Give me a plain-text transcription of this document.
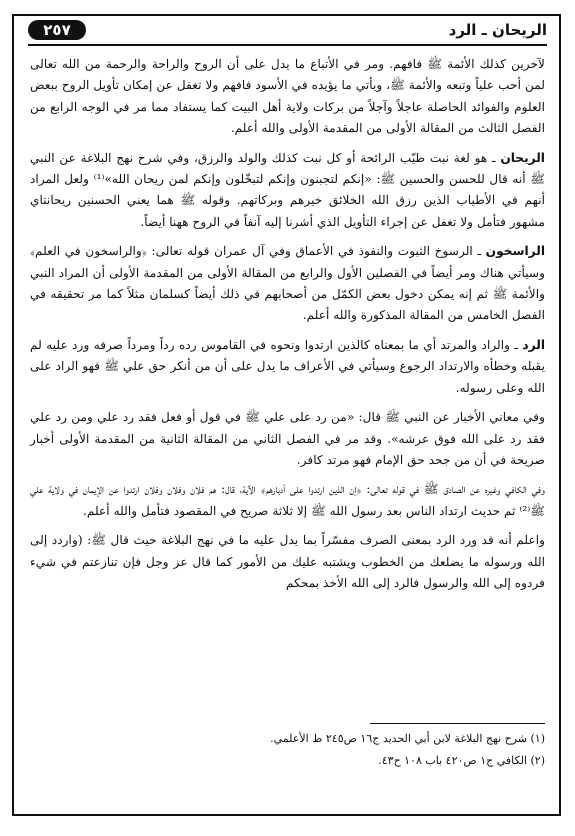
٢٥٧	الريحان ـ الرد

لآخرين كذلك الأئمة ﷺ فافهم. ومر في الأتباع ما يدل على أن الروح والراحة والرحمة من الله تعالى لمن أحب علياً وتبعه والأئمة ﷺ، ويأتي ما يؤيده في الأسود فافهم ولا تغفل عن إمكان تأويل الروح ببعض العلوم والفوائد الحاصلة عاجلاً وآجلاً من بركات ولاية أهل البيت كما يستفاد مما مر في الوجه الرابع من الفصل الثالث من المقالة الأولى من المقدمة الأولى والله أعلم.

الريحان ـ هو لغة نبت طيّب الرائحة أو كل نبت كذلك والولد والرزق، وفي شرح نهج البلاغة عن النبي ﷺ أنه قال للحسن والحسين ﷺ: «إنكم لتجبنون وإنكم لتبخّلون وإنكم لمن ريحان الله»⁽¹⁾ ولعل المراد أنهم في الأطياب الذين رزق الله الخلائق خيرهم وبركاتهم. وقوله ﷺ هما يعني الحسنين ريحانتاي مشهور فتأمل ولا تغفل عن إجراء التأويل الذي أشرنا إليه آنفاً في الروح ههنا أيضاً.

الراسخون ـ الرسوخ الثبوت والنفوذ في الأعماق وفي آل عمران قوله تعالى: ﴿والراسخون في العلم﴾ وسيأتي هناك ومر أيضاً في الفصلين الأول والرابع من المقالة الأولى من المقدمة الأولى أن المراد النبي والأئمة ﷺ ثم إنه يمكن دخول بعض الكمّل من أصحابهم في ذلك أيضاً كسلمان مثلاً كما مر تحقيقه في الفصل الخامس من المقالة المذكورة والله أعلم.

الرد ـ والراد والمرتد أي ما بمعناه كالذين ارتدوا ونحوه في القاموس رده رداً ومرداً صرفه ورد عليه لم يقبله وخطأه والارتداد الرجوع وسيأتي في الأعراف ما يدل على أن من أنكر حق علي ﷺ فهو الراد على الله وعلى رسوله.

وفي معاني الأخبار عن النبي ﷺ قال: «من رد على علي ﷺ في قول أو فعل فقد رد علي ومن رد علي فقد رد على الله فوق عرشه». وقد مر في الفصل الثاني من المقالة الثانية من المقدمة الأولى أخبار صريحة في أن من جحد حق الإمام فهو مرتد كافر.

وفي الكافي وغيره عن الصادق ﷺ في قوله تعالى: ﴿إن الذين ارتدوا على أدبارهم﴾ الآية، قال: هم فلان وفلان وفلان ارتدوا عن الإيمان في ولاية علي ﷺ⁽²⁾ ثم حديث ارتداد الناس بعد رسول الله ﷺ إلا ثلاثة صريح في المقصود فتأمل والله أعلم.

واعلم أنه قد ورد الرد بمعنى الصرف مفسّراً بما يدل عليه ما في نهج البلاغة حيث قال ﷺ: (واردد إلى الله ورسوله ما يضلعك من الخطوب ويشتبه عليك من الأمور كما قال عز وجل فإن تنازعتم في شيء فردوه إلى الله والرسول فالرد إلى الله الأخذ بمحكم

(١) شرح نهج البلاغة لابن أبي الحديد ج١٦ ص٢٤٥ ط الأعلمي.
(٢) الكافي ج١ ص٤٢٠ باب ١٠٨ ح٤٣.
